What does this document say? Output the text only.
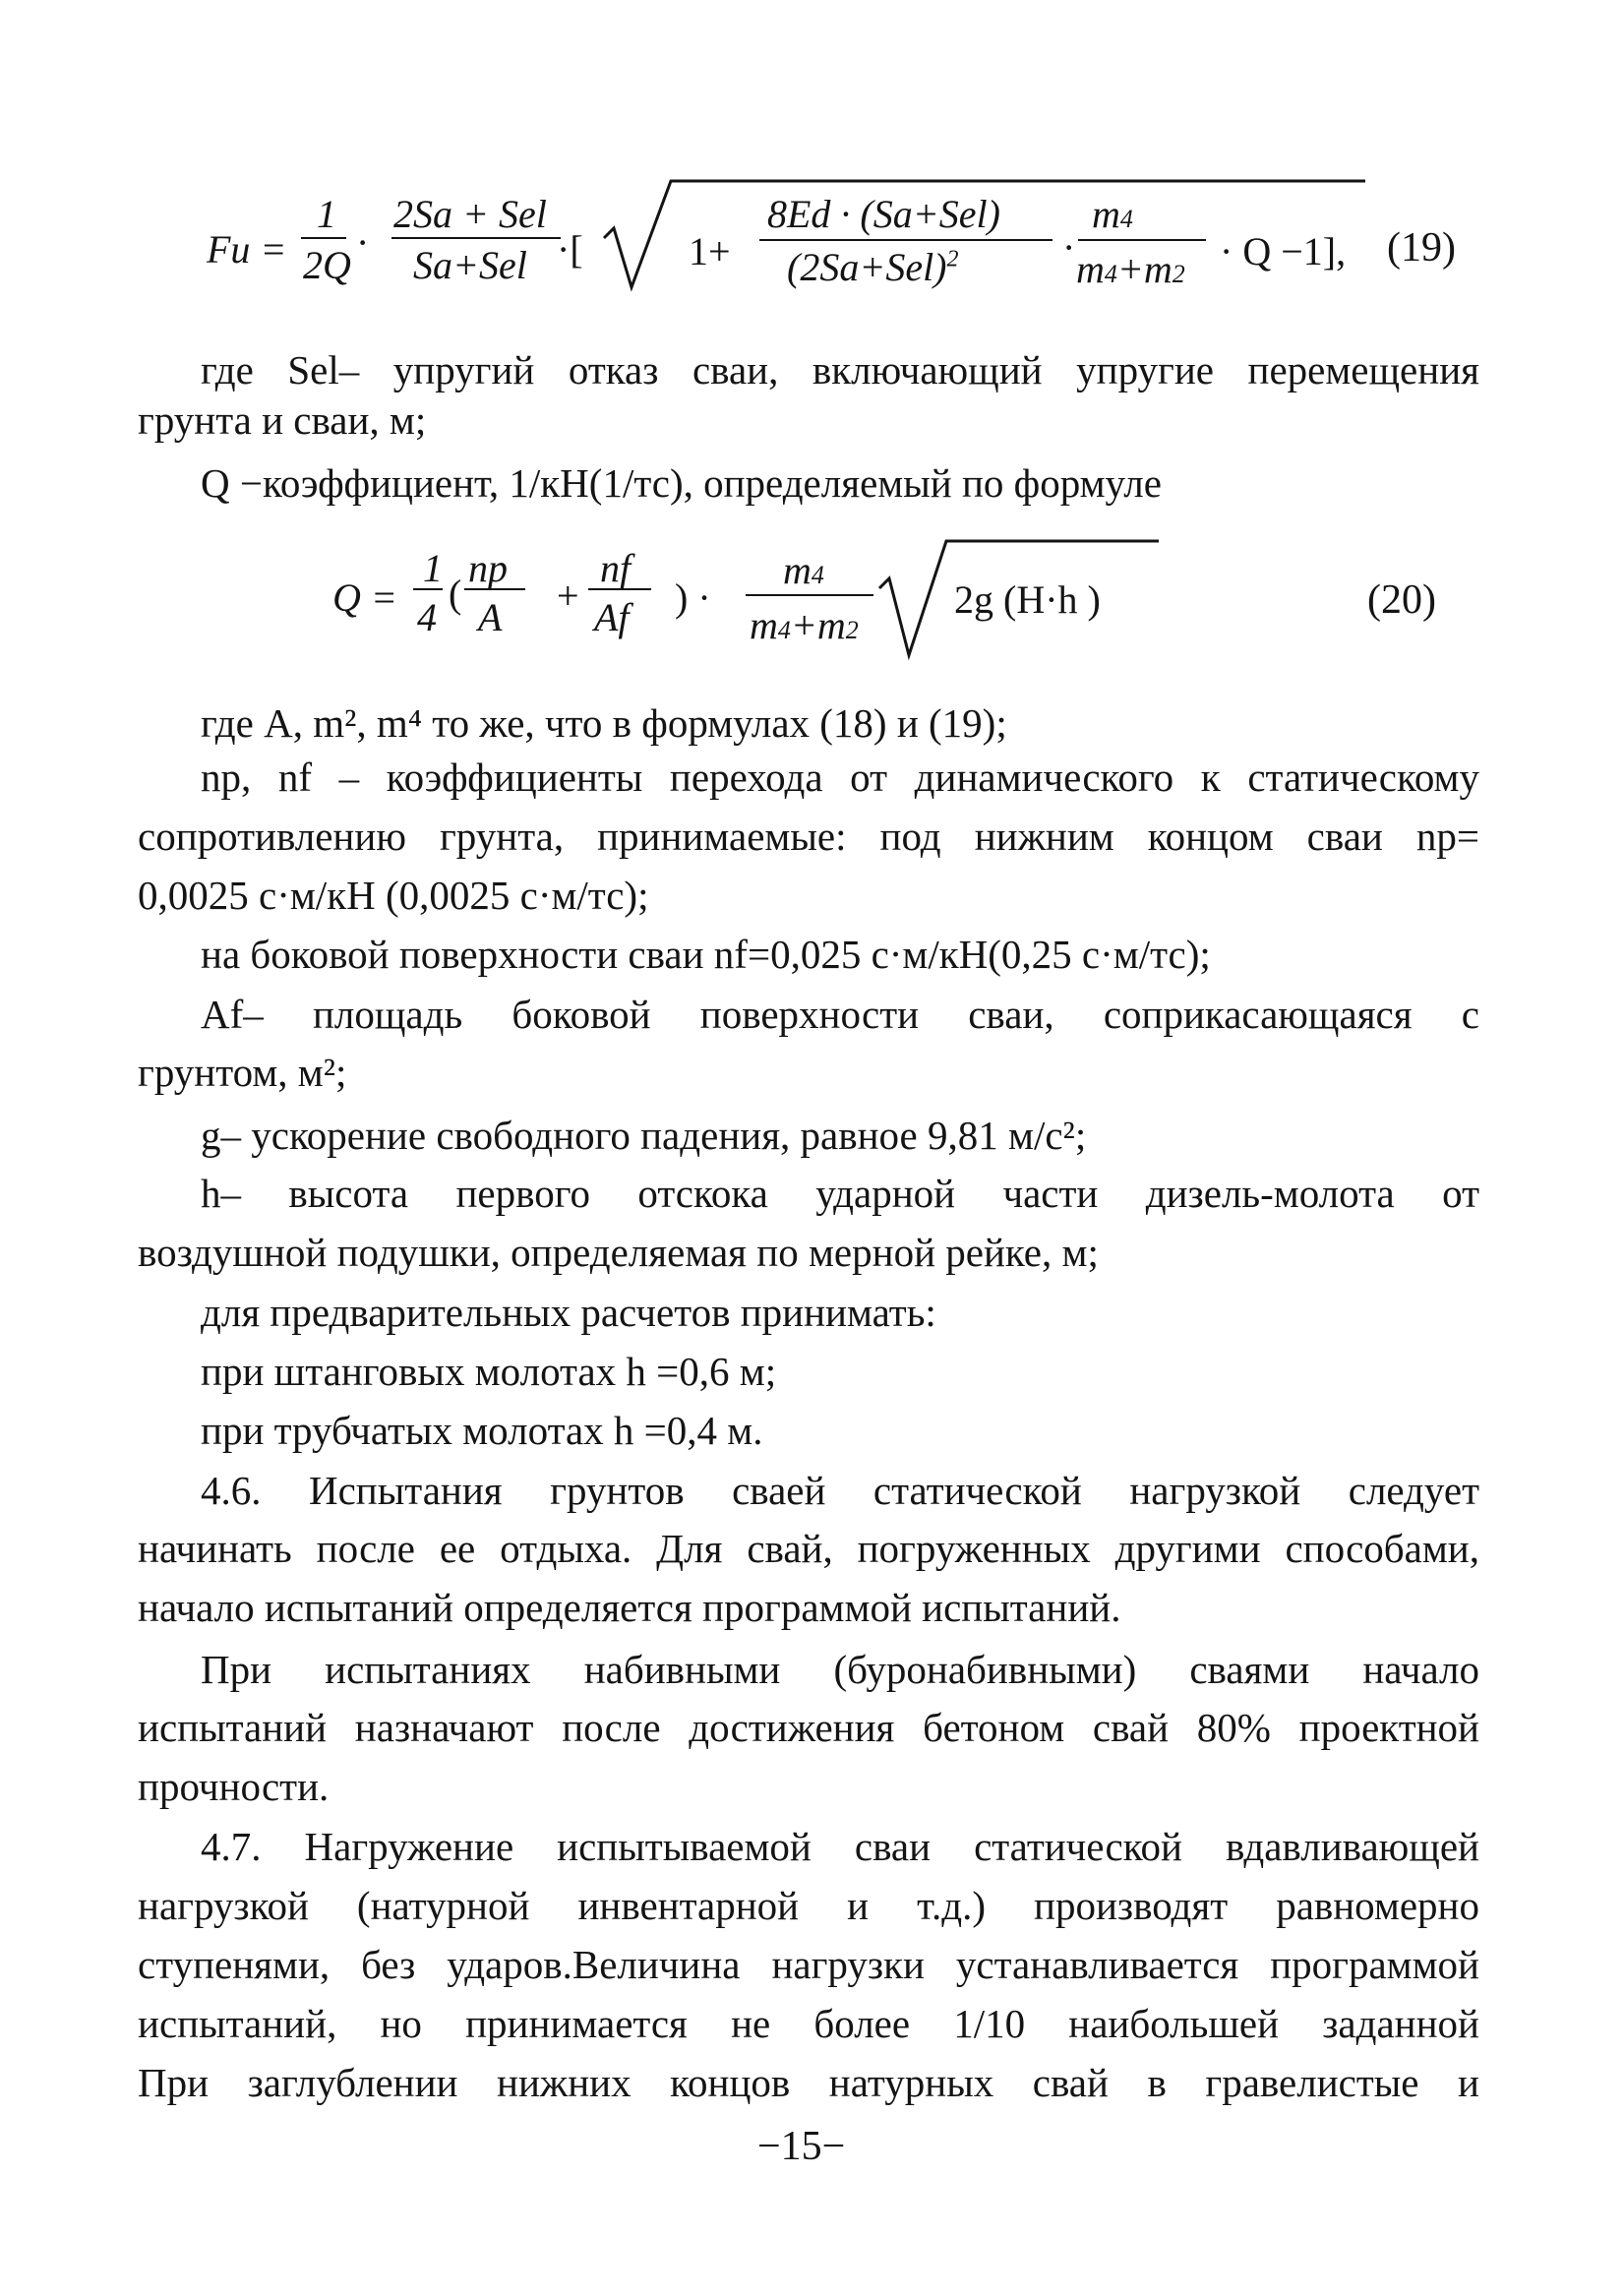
Fu =
1
2Q
·
2Sa + Sel
Sa+Sel ·[	1+
8Ed · (Sa+Sel)
$(2Sa+Sel)^2$	·
m4
m4+m2
· Q −1], (19)
где Sel– упругий отказ сваи, включающий упругие перемещения
грунта и сваи, м;
Q −коэффициент, 1/кН(1/тс), определяемый по формуле
Q =
1
4
(
np
A +
nf
Af ) ·
m4
m4+m2
2g (H·h )	(20)
где A, m², m⁴ то же, что в формулах (18) и (19);
np, nf – коэффициенты перехода от динамического к статическому
сопротивлению грунта, принимаемые: под нижним концом сваи np=
0,0025 с·м/кН (0,0025 с·м/тс);
на боковой поверхности сваи nf=0,025 с·м/кН(0,25 с·м/тс);
Af– площадь боковой поверхности сваи, соприкасающаяся с
грунтом, м²;
g– ускорение свободного падения, равное 9,81 м/с²;
h– высота первого отскока ударной части дизель-молота от
воздушной подушки, определяемая по мерной рейке, м;
для предварительных расчетов принимать:
при штанговых молотах h =0,6 м;
при трубчатых молотах h =0,4 м.
4.6. Испытания грунтов сваей статической нагрузкой следует
начинать после ее отдыха. Для свай, погруженных другими способами,
начало испытаний определяется программой испытаний.
При испытаниях набивными (буронабивными) сваями начало
испытаний назначают после достижения бетоном свай 80% проектной
прочности.
4.7. Нагружение испытываемой сваи статической вдавливающей
нагрузкой (натурной инвентарной и т.д.) производят равномерно
ступенями, без ударов.Величина нагрузки устанавливается программой
испытаний, но принимается не более 1/10 наибольшей заданной
При заглублении нижних концов натурных свай в гравелистые и
−15−
